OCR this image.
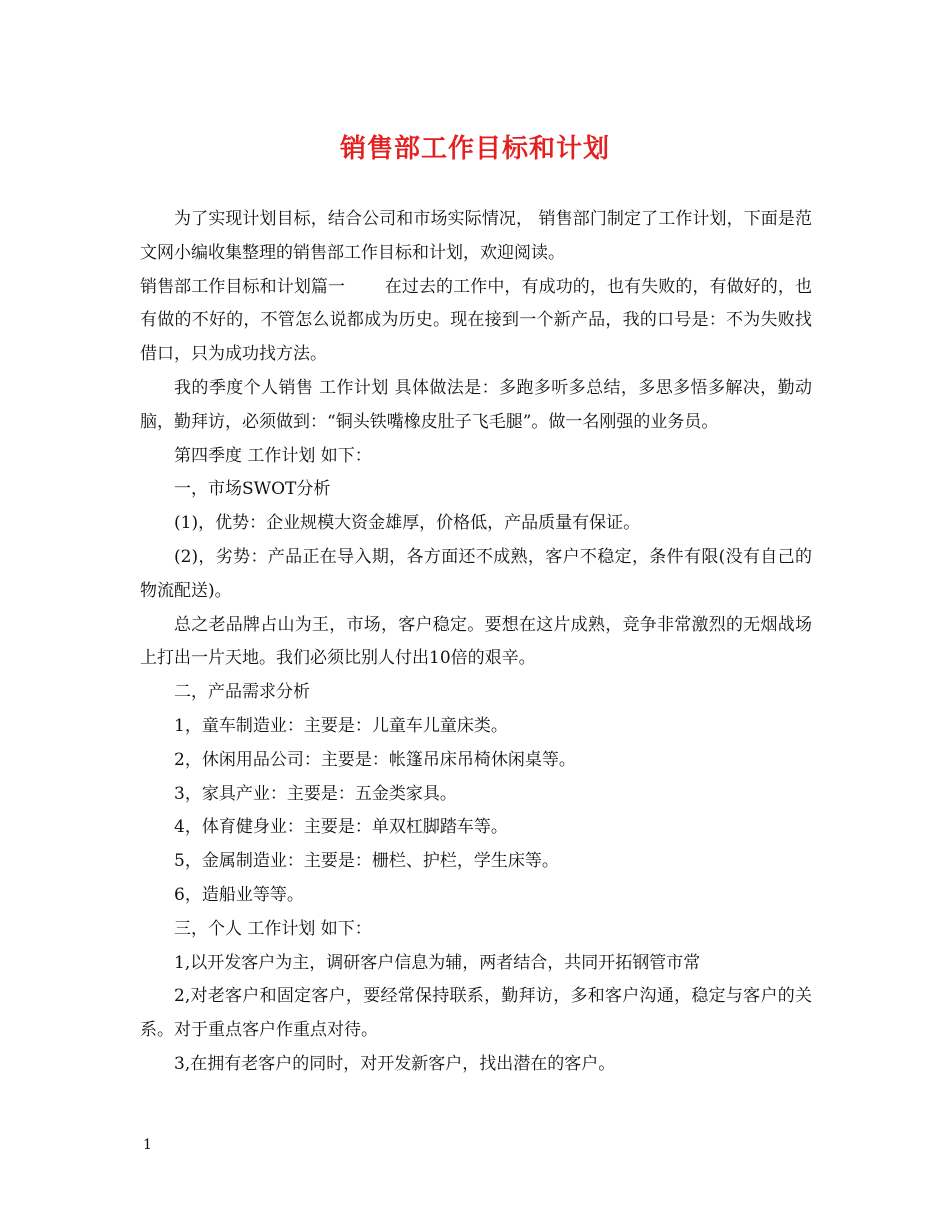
销售部工作目标和计划

为了实现计划目标，结合公司和市场实际情况， 销售部门制定了工作计划，下面是范文网小编收集整理的销售部工作目标和计划，欢迎阅读。

销售部工作目标和计划篇一　　 在过去的工作中，有成功的，也有失败的，有做好的，也有做的不好的，不管怎么说都成为历史。现在接到一个新产品，我的口号是：不为失败找借口，只为成功找方法。

我的季度个人销售 工作计划 具体做法是：多跑多听多总结，多思多悟多解决，勤动脑，勤拜访，必须做到：“铜头铁嘴橡皮肚子飞毛腿”。做一名刚强的业务员。

第四季度 工作计划 如下：

一，市场SWOT分析

(1)，优势：企业规模大资金雄厚，价格低，产品质量有保证。

(2)，劣势：产品正在导入期，各方面还不成熟，客户不稳定，条件有限(没有自己的物流配送)。

总之老品牌占山为王，市场，客户稳定。要想在这片成熟，竞争非常激烈的无烟战场上打出一片天地。我们必须比别人付出10倍的艰辛。

二，产品需求分析

1，童车制造业：主要是：儿童车儿童床类。

2，休闲用品公司：主要是：帐篷吊床吊椅休闲桌等。

3，家具产业：主要是：五金类家具。

4，体育健身业：主要是：单双杠脚踏车等。

5，金属制造业：主要是：栅栏、护栏，学生床等。

6，造船业等等。

三，个人 工作计划 如下：

1,以开发客户为主，调研客户信息为辅，两者结合，共同开拓钢管市常

2,对老客户和固定客户，要经常保持联系，勤拜访，多和客户沟通，稳定与客户的关系。对于重点客户作重点对待。

3,在拥有老客户的同时，对开发新客户，找出潜在的客户。

1
